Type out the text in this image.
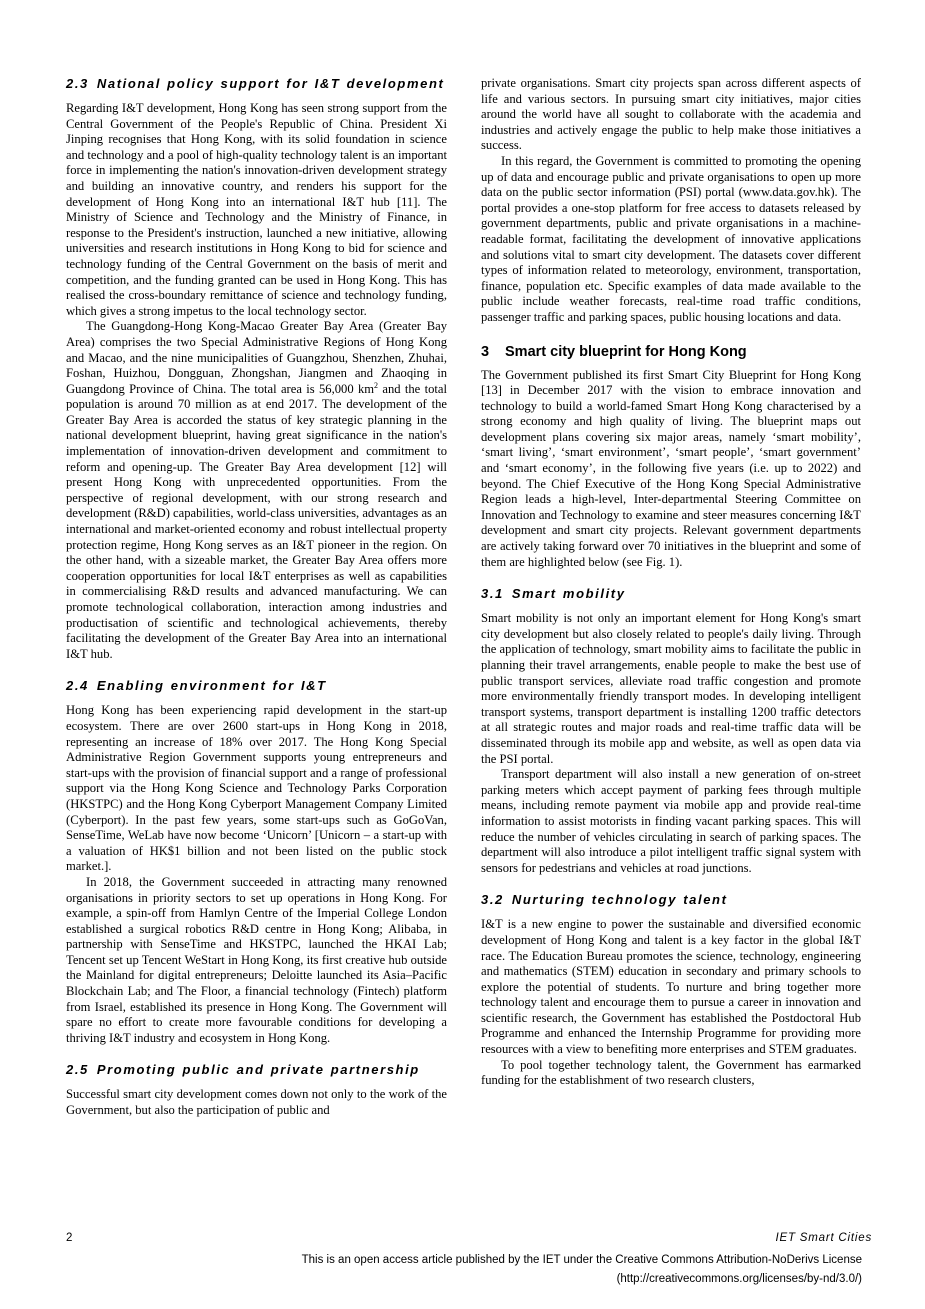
2.3 National policy support for I&T development

Regarding I&T development, Hong Kong has seen strong support from the Central Government of the People's Republic of China. President Xi Jinping recognises that Hong Kong, with its solid foundation in science and technology and a pool of high-quality technology talent is an important force in implementing the nation's innovation-driven development strategy and building an innovative country, and renders his support for the development of Hong Kong into an international I&T hub [11]. The Ministry of Science and Technology and the Ministry of Finance, in response to the President's instruction, launched a new initiative, allowing universities and research institutions in Hong Kong to bid for science and technology funding of the Central Government on the basis of merit and competition, and the funding granted can be used in Hong Kong. This has realised the cross-boundary remittance of science and technology funding, which gives a strong impetus to the local technology sector.

The Guangdong-Hong Kong-Macao Greater Bay Area (Greater Bay Area) comprises the two Special Administrative Regions of Hong Kong and Macao, and the nine municipalities of Guangzhou, Shenzhen, Zhuhai, Foshan, Huizhou, Dongguan, Zhongshan, Jiangmen and Zhaoqing in Guangdong Province of China. The total area is 56,000 $km^2$ and the total population is around 70 million as at end 2017. The development of the Greater Bay Area is accorded the status of key strategic planning in the national development blueprint, having great significance in the nation's implementation of innovation-driven development and commitment to reform and opening-up. The Greater Bay Area development [12] will present Hong Kong with unprecedented opportunities. From the perspective of regional development, with our strong research and development (R&D) capabilities, world-class universities, advantages as an international and market-oriented economy and robust intellectual property protection regime, Hong Kong serves as an I&T pioneer in the region. On the other hand, with a sizeable market, the Greater Bay Area offers more cooperation opportunities for local I&T enterprises as well as capabilities in commercialising R&D results and advanced manufacturing. We can promote technological collaboration, interaction among industries and productisation of scientific and technological achievements, thereby facilitating the development of the Greater Bay Area into an international I&T hub.

2.4 Enabling environment for I&T

Hong Kong has been experiencing rapid development in the start-up ecosystem. There are over 2600 start-ups in Hong Kong in 2018, representing an increase of 18% over 2017. The Hong Kong Special Administrative Region Government supports young entrepreneurs and start-ups with the provision of financial support and a range of professional support via the Hong Kong Science and Technology Parks Corporation (HKSTPC) and the Hong Kong Cyberport Management Company Limited (Cyberport). In the past few years, some start-ups such as GoGoVan, SenseTime, WeLab have now become ‘Unicorn’ [Unicorn – a start-up with a valuation of HK$1 billion and not been listed on the public stock market.].

In 2018, the Government succeeded in attracting many renowned organisations in priority sectors to set up operations in Hong Kong. For example, a spin-off from Hamlyn Centre of the Imperial College London established a surgical robotics R&D centre in Hong Kong; Alibaba, in partnership with SenseTime and HKSTPC, launched the HKAI Lab; Tencent set up Tencent WeStart in Hong Kong, its first creative hub outside the Mainland for digital entrepreneurs; Deloitte launched its Asia–Pacific Blockchain Lab; and The Floor, a financial technology (Fintech) platform from Israel, established its presence in Hong Kong. The Government will spare no effort to create more favourable conditions for developing a thriving I&T industry and ecosystem in Hong Kong.

2.5 Promoting public and private partnership

Successful smart city development comes down not only to the work of the Government, but also the participation of public and

private organisations. Smart city projects span across different aspects of life and various sectors. In pursuing smart city initiatives, major cities around the world have all sought to collaborate with the academia and industries and actively engage the public to help make those initiatives a success.

In this regard, the Government is committed to promoting the opening up of data and encourage public and private organisations to open up more data on the public sector information (PSI) portal (www.data.gov.hk). The portal provides a one-stop platform for free access to datasets released by government departments, public and private organisations in a machine-readable format, facilitating the development of innovative applications and solutions vital to smart city development. The datasets cover different types of information related to meteorology, environment, transportation, finance, population etc. Specific examples of data made available to the public include weather forecasts, real-time road traffic conditions, passenger traffic and parking spaces, public housing locations and data.

3 Smart city blueprint for Hong Kong

The Government published its first Smart City Blueprint for Hong Kong [13] in December 2017 with the vision to embrace innovation and technology to build a world-famed Smart Hong Kong characterised by a strong economy and high quality of living. The blueprint maps out development plans covering six major areas, namely ‘smart mobility’, ‘smart living’, ‘smart environment’, ‘smart people’, ‘smart government’ and ‘smart economy’, in the following five years (i.e. up to 2022) and beyond. The Chief Executive of the Hong Kong Special Administrative Region leads a high-level, Inter-departmental Steering Committee on Innovation and Technology to examine and steer measures concerning I&T development and smart city projects. Relevant government departments are actively taking forward over 70 initiatives in the blueprint and some of them are highlighted below (see Fig. 1).

3.1 Smart mobility

Smart mobility is not only an important element for Hong Kong's smart city development but also closely related to people's daily living. Through the application of technology, smart mobility aims to facilitate the public in planning their travel arrangements, enable people to make the best use of public transport services, alleviate road traffic congestion and promote more environmentally friendly transport modes. In developing intelligent transport systems, transport department is installing 1200 traffic detectors at all strategic routes and major roads and real-time traffic data will be disseminated through its mobile app and website, as well as open data via the PSI portal.

Transport department will also install a new generation of on-street parking meters which accept payment of parking fees through multiple means, including remote payment via mobile app and provide real-time information to assist motorists in finding vacant parking spaces. This will reduce the number of vehicles circulating in search of parking spaces. The department will also introduce a pilot intelligent traffic signal system with sensors for pedestrians and vehicles at road junctions.

3.2 Nurturing technology talent

I&T is a new engine to power the sustainable and diversified economic development of Hong Kong and talent is a key factor in the global I&T race. The Education Bureau promotes the science, technology, engineering and mathematics (STEM) education in secondary and primary schools to explore the potential of students. To nurture and bring together more technology talent and encourage them to pursue a career in innovation and scientific research, the Government has established the Postdoctoral Hub Programme and enhanced the Internship Programme for providing more resources with a view to benefiting more enterprises and STEM graduates.

To pool together technology talent, the Government has earmarked funding for the establishment of two research clusters,

2	IET Smart Cities
This is an open access article published by the IET under the Creative Commons Attribution-NoDerivs License
(http://creativecommons.org/licenses/by-nd/3.0/)
